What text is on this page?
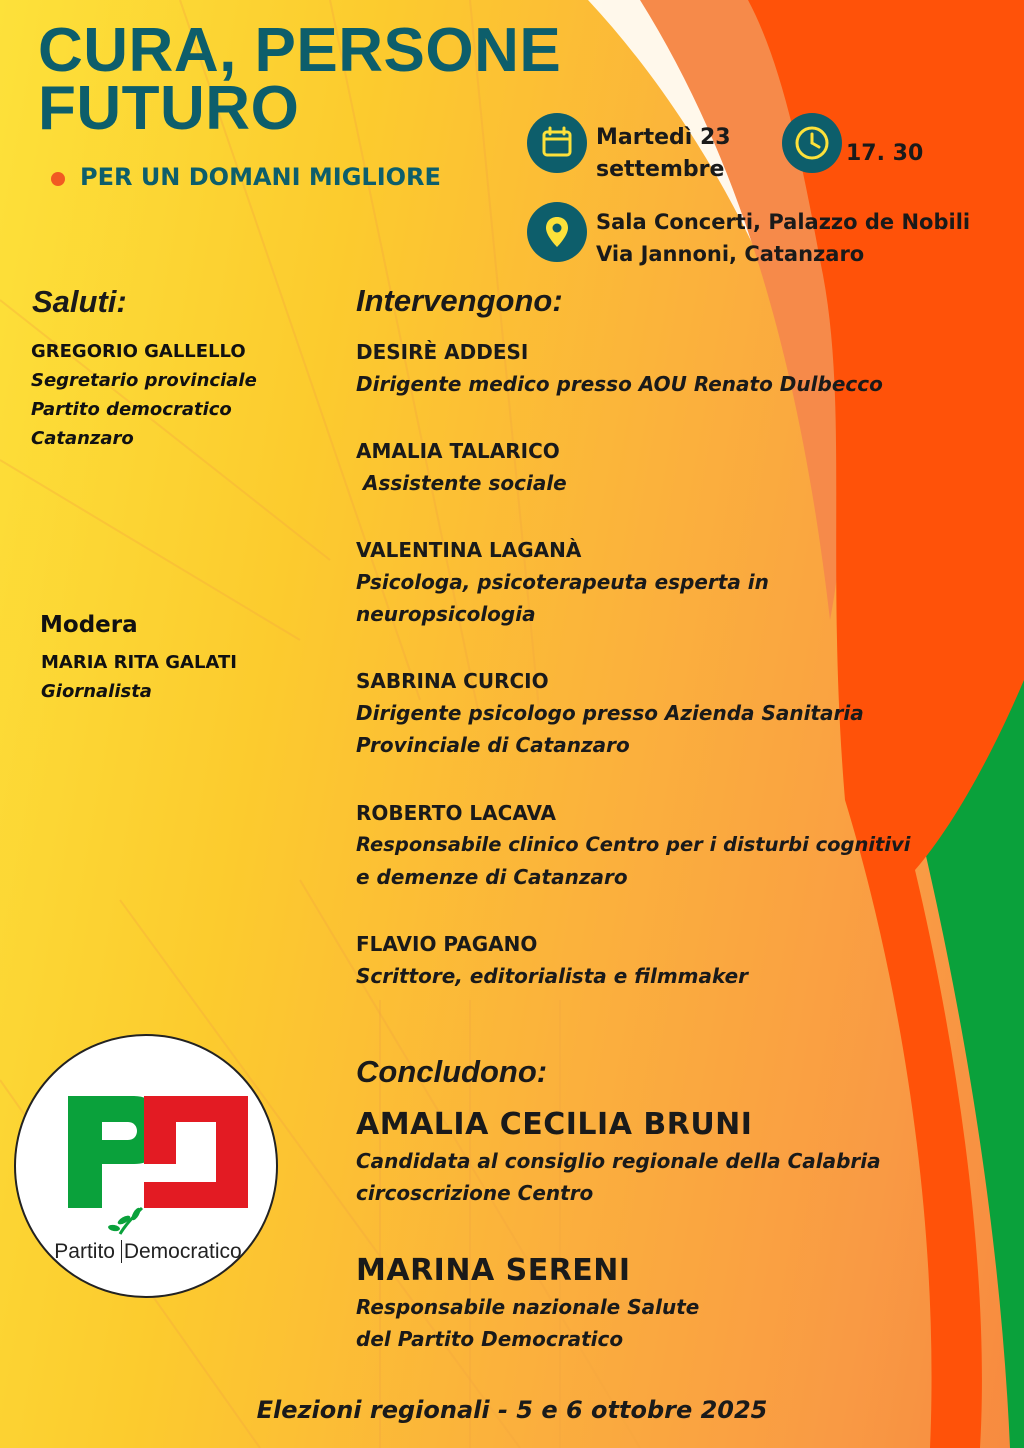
CURA, PERSONE
FUTURO
PER UN DOMANI MIGLIORE
Martedì 23
settembre
17. 30
Sala Concerti, Palazzo de Nobili
Via Jannoni, Catanzaro
Saluti:
GREGORIO GALLELLO
Segretario provinciale
Partito democratico
Catanzaro
Modera
MARIA RITA GALATI
Giornalista
Intervengono:
DESIRÈ ADDESI
Dirigente medico presso AOU Renato Dulbecco
AMALIA TALARICO
Assistente sociale
VALENTINA LAGANÀ
Psicologa, psicoterapeuta esperta in
neuropsicologia
SABRINA CURCIO
Dirigente psicologo presso Azienda Sanitaria
Provinciale di Catanzaro
ROBERTO LACAVA
Responsabile clinico Centro per i disturbi cognitivi
e demenze di Catanzaro
FLAVIO PAGANO
Scrittore, editorialista e filmmaker
Concludono:
AMALIA CECILIA BRUNI
Candidata al consiglio regionale della Calabria
circoscrizione Centro
MARINA SERENI
Responsabile nazionale Salute
del Partito Democratico
Partito Democratico
Elezioni regionali - 5 e 6 ottobre 2025
